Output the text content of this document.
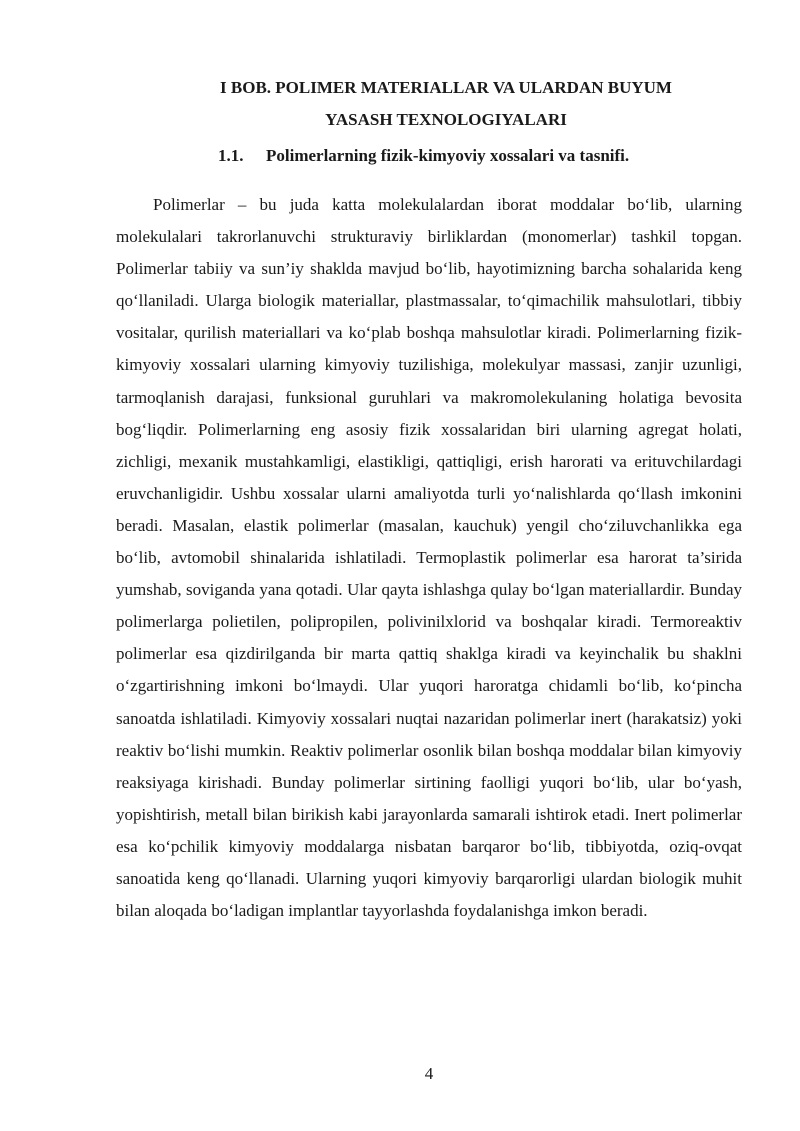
I BOB. POLIMER MATERIALLAR VA ULARDAN BUYUM
YASASH TEXNOLOGIYALARI
1.1. Polimerlarning fizik-kimyoviy xossalari va tasnifi.

Polimerlar – bu juda katta molekulalardan iborat moddalar bo‘lib, ularning molekulalari takrorlanuvchi strukturaviy birliklardan (monomerlar) tashkil topgan. Polimerlar tabiiy va sun’iy shaklda mavjud bo‘lib, hayotimizning barcha sohalarida keng qo‘llaniladi. Ularga biologik materiallar, plastmassalar, to‘qimachilik mahsulotlari, tibbiy vositalar, qurilish materiallari va ko‘plab boshqa mahsulotlar kiradi. Polimerlarning fizik-kimyoviy xossalari ularning kimyoviy tuzilishiga, molekulyar massasi, zanjir uzunligi, tarmoqlanish darajasi, funksional guruhlari va makromolekulaning holatiga bevosita bog‘liqdir. Polimerlarning eng asosiy fizik xossalaridan biri ularning agregat holati, zichligi, mexanik mustahkamligi, elastikligi, qattiqligi, erish harorati va erituvchilardagi eruvchanligidir. Ushbu xossalar ularni amaliyotda turli yo‘nalishlarda qo‘llash imkonini beradi. Masalan, elastik polimerlar (masalan, kauchuk) yengil cho‘ziluvchanlikka ega bo‘lib, avtomobil shinalarida ishlatiladi. Termoplastik polimerlar esa harorat ta’sirida yumshab, soviganda yana qotadi. Ular qayta ishlashga qulay bo‘lgan materiallardir. Bunday polimerlarga polietilen, polipropilen, polivinilxlorid va boshqalar kiradi. Termoreaktiv polimerlar esa qizdirilganda bir marta qattiq shaklga kiradi va keyinchalik bu shaklni o‘zgartirishning imkoni bo‘lmaydi. Ular yuqori haroratga chidamli bo‘lib, ko‘pincha sanoatda ishlatiladi. Kimyoviy xossalari nuqtai nazaridan polimerlar inert (harakatsiz) yoki reaktiv bo‘lishi mumkin. Reaktiv polimerlar osonlik bilan boshqa moddalar bilan kimyoviy reaksiyaga kirishadi. Bunday polimerlar sirtining faolligi yuqori bo‘lib, ular bo‘yash, yopishtirish, metall bilan birikish kabi jarayonlarda samarali ishtirok etadi. Inert polimerlar esa ko‘pchilik kimyoviy moddalarga nisbatan barqaror bo‘lib, tibbiyotda, oziq-ovqat sanoatida keng qo‘llanadi. Ularning yuqori kimyoviy barqarorligi ulardan biologik muhit bilan aloqada bo‘ladigan implantlar tayyorlashda foydalanishga imkon beradi.

4
